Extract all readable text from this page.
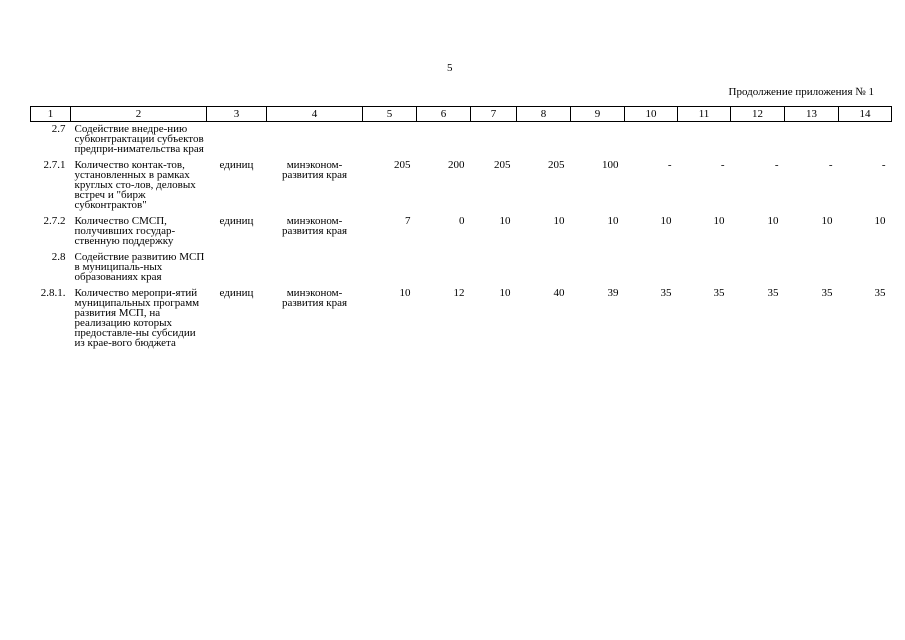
5
Продолжение приложения № 1
1	2	3	4	5	6	7	8	9	10	11	12	13	14
2.7	Содействие внедре-нию субконтрактации субъектов предпри-нимательства края												

2.7.1	Количество контак-тов, установленных в рамках круглых сто-лов, деловых встреч и "бирж субконтрактов"	единиц	минэконом-развития края	205	200	205	205	100	-	-	-	-	-
2.7.2	Количество СМСП, получивших государ-ственную поддержку	единиц	минэконом-развития края	7	0	10	10	10	10	10	10	10	10
2.8	Содействие развитию МСП в муниципаль-ных образованиях края												

2.8.1.	Количество меропри-ятий муниципальных программ развития МСП, на реализацию которых предоставле-ны субсидии из крае-вого бюджета	единиц	минэконом-развития края	10	12	10	40	39	35	35	35	35	35
